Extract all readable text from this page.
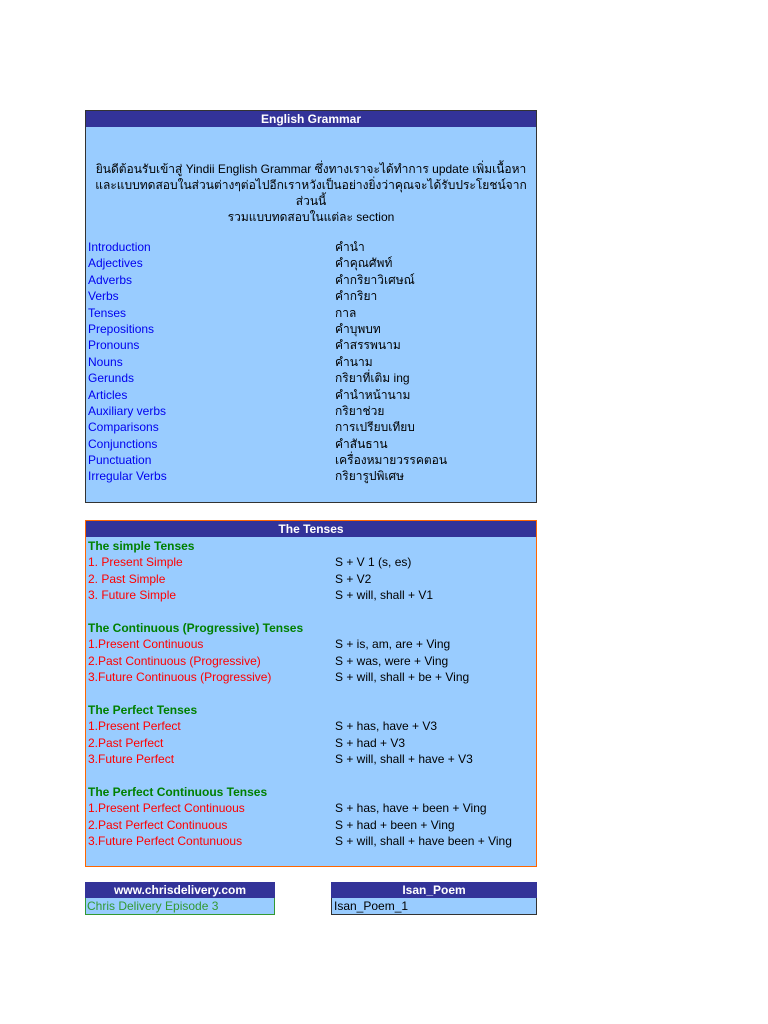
English Grammar
ยินดีต้อนรับเข้าสู่ Yindii English Grammar ซึ่งทางเราจะได้ทำการ update เพิ่มเนื้อหา
และแบบทดสอบในส่วนต่างๆต่อไปอีกเราหวังเป็นอย่างยิ่งว่าคุณจะได้รับประโยชน์จากส่วนนี้
รวมแบบทดสอบในแต่ละ section
Introduction	คำนำ
Adjectives	คำคุณศัพท์
Adverbs	คำกริยาวิเศษณ์
Verbs	คำกริยา
Tenses	กาล
Prepositions	คำบุพบท
Pronouns	คำสรรพนาม
Nouns	คำนาม
Gerunds	กริยาที่เติม ing
Articles	คำนำหน้านาม
Auxiliary verbs	กริยาช่วย
Comparisons	การเปรียบเทียบ
Conjunctions	คำสันธาน
Punctuation	เครื่องหมายวรรคตอน
Irregular Verbs	กริยารูปพิเศษ
The Tenses
The simple Tenses
1. Present Simple	S + V 1 (s, es)
2. Past Simple	S + V2
3. Future Simple	S + will, shall + V1
The Continuous (Progressive) Tenses
1.Present Continuous	S + is, am, are + Ving
2.Past Continuous (Progressive)	S + was, were + Ving
3.Future Continuous (Progressive)	S + will, shall + be + Ving
The Perfect Tenses
1.Present Perfect	S + has, have + V3
2.Past Perfect	S + had + V3
3.Future Perfect	S + will, shall + have + V3
The Perfect Continuous Tenses
1.Present Perfect Continuous	S + has, have + been + Ving
2.Past Perfect Continuous	S + had + been + Ving
3.Future Perfect Contunuous	S + will, shall + have been + Ving
www.chrisdelivery.com
Chris Delivery Episode 3
Isan_Poem
Isan_Poem_1
